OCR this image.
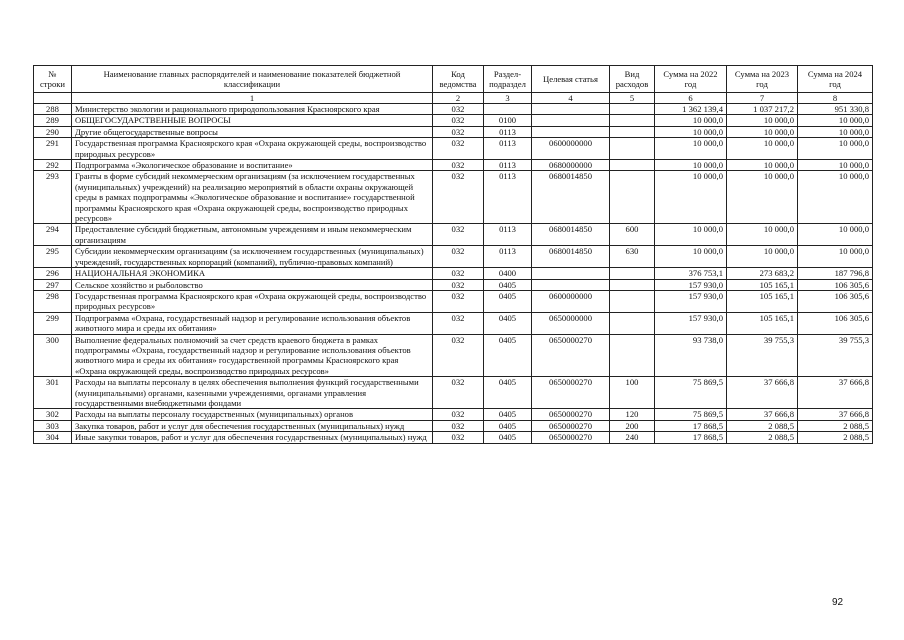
№ строки	Наименование главных распорядителей и наименование показателей бюджетной классификации	Код ведомства	Раздел-подраздел	Целевая статья	Вид расходов	Сумма на 2022 год	Сумма на 2023 год	Сумма на 2024 год
	1	2	3	4	5	6	7	8
288	Министерство экологии и рационального природопользования Красноярского края	032				1 362 139,4	1 037 217,2	951 330,8
289	ОБЩЕГОСУДАРСТВЕННЫЕ ВОПРОСЫ	032	0100			10 000,0	10 000,0	10 000,0
290	Другие общегосударственные вопросы	032	0113			10 000,0	10 000,0	10 000,0
291	Государственная программа Красноярского края «Охрана окружающей среды, воспроизводство природных ресурсов»	032	0113	0600000000		10 000,0	10 000,0	10 000,0
292	Подпрограмма «Экологическое образование и воспитание»	032	0113	0680000000		10 000,0	10 000,0	10 000,0
293	Гранты в форме субсидий некоммерческим организациям (за исключением государственных (муниципальных) учреждений) на реализацию мероприятий в области охраны окружающей среды в рамках подпрограммы «Экологическое образование и воспитание» государственной программы Красноярского края «Охрана окружающей среды, воспроизводство природных ресурсов»	032	0113	0680014850		10 000,0	10 000,0	10 000,0
294	Предоставление субсидий бюджетным, автономным учреждениям и иным некоммерческим организациям	032	0113	0680014850	600	10 000,0	10 000,0	10 000,0
295	Субсидии некоммерческим организациям (за исключением государственных (муниципальных) учреждений, государственных корпораций (компаний), публично-правовых компаний)	032	0113	0680014850	630	10 000,0	10 000,0	10 000,0
296	НАЦИОНАЛЬНАЯ ЭКОНОМИКА	032	0400			376 753,1	273 683,2	187 796,8
297	Сельское хозяйство и рыболовство	032	0405			157 930,0	105 165,1	106 305,6
298	Государственная программа Красноярского края «Охрана окружающей среды, воспроизводство природных ресурсов»	032	0405	0600000000		157 930,0	105 165,1	106 305,6
299	Подпрограмма «Охрана, государственный надзор и регулирование использования объектов животного мира и среды их обитания»	032	0405	0650000000		157 930,0	105 165,1	106 305,6
300	Выполнение федеральных полномочий за счет средств краевого бюджета в рамках подпрограммы «Охрана, государственный надзор и регулирование использования объектов животного мира и среды их обитания» государственной программы Красноярского края «Охрана окружающей среды, воспроизводство природных ресурсов»	032	0405	0650000270		93 738,0	39 755,3	39 755,3
301	Расходы на выплаты персоналу в целях обеспечения выполнения функций государственными (муниципальными) органами, казенными учреждениями, органами управления государственными внебюджетными фондами	032	0405	0650000270	100	75 869,5	37 666,8	37 666,8
302	Расходы на выплаты персоналу государственных (муниципальных) органов	032	0405	0650000270	120	75 869,5	37 666,8	37 666,8
303	Закупка товаров, работ и услуг для обеспечения государственных (муниципальных) нужд	032	0405	0650000270	200	17 868,5	2 088,5	2 088,5
304	Иные закупки товаров, работ и услуг для обеспечения государственных (муниципальных) нужд	032	0405	0650000270	240	17 868,5	2 088,5	2 088,5
92
